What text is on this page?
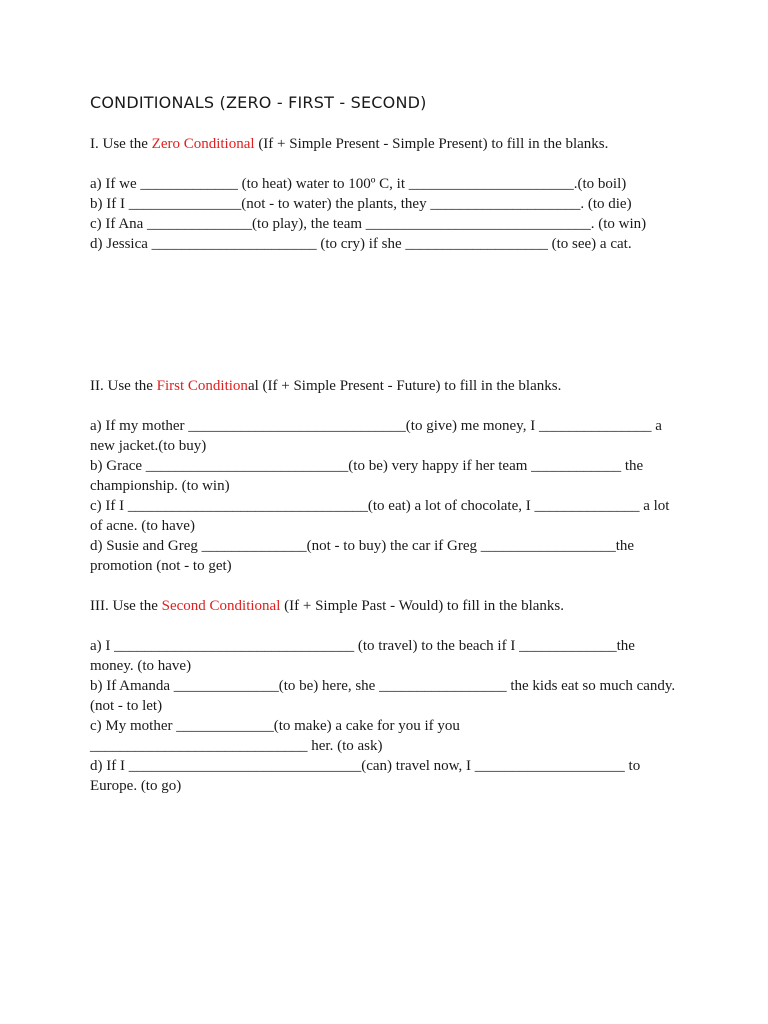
CONDITIONALS (ZERO - FIRST - SECOND)

I. Use the Zero Conditional (If + Simple Present - Simple Present) to fill in the blanks.

a) If we _____________ (to heat) water to 100º C, it ______________________.(to boil)

b) If I _______________(not - to water) the plants, they ____________________. (to die)

c) If Ana ______________(to play), the team ______________________________. (to win)

d) Jessica ______________________ (to cry) if she ___________________ (to see) a cat.

II. Use the First Conditional (If + Simple Present - Future) to fill in the blanks.

a) If my mother _____________________________(to give) me money, I _______________ a new jacket.(to buy)

b) Grace ___________________________(to be) very happy if her team ____________ the championship. (to win)

c) If I ________________________________(to eat) a lot of chocolate, I ______________ a lot of acne. (to have)

d) Susie and Greg ______________(not - to buy) the car if Greg __________________the promotion (not - to get)

III. Use the Second Conditional (If + Simple Past - Would) to fill in the blanks.

a) I ________________________________ (to travel) to the beach if I _____________the money. (to have)

b) If Amanda ______________(to be) here, she _________________ the kids eat so much candy. (not - to let)

c) My mother _____________(to make) a cake for you if you _____________________________ her. (to ask)

d) If I _______________________________(can) travel now, I ____________________ to Europe. (to go)
